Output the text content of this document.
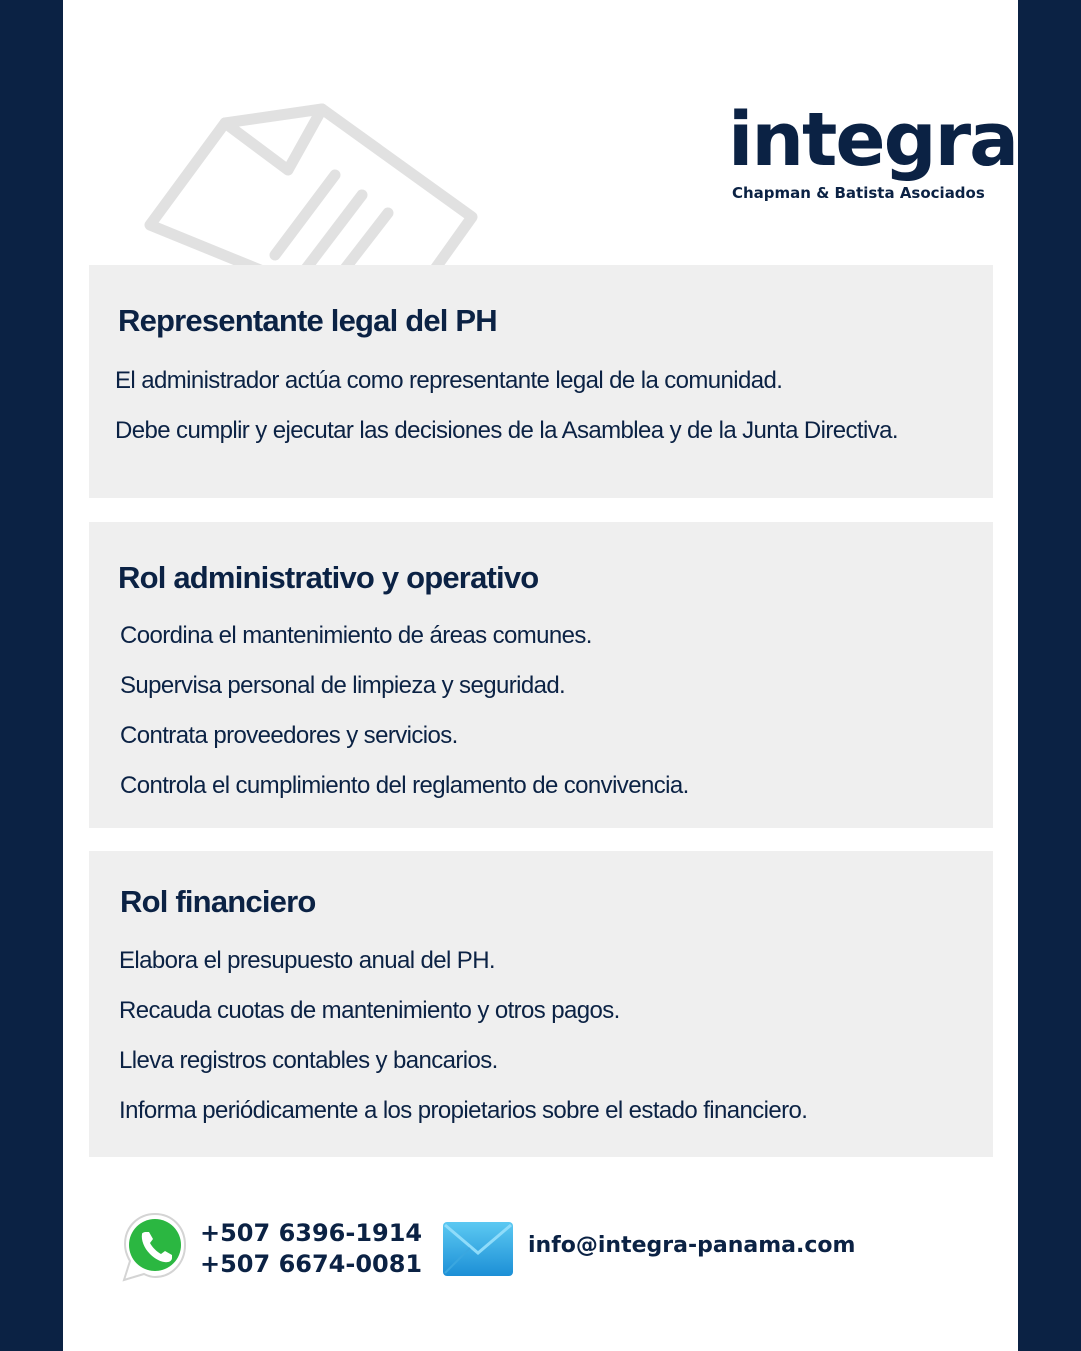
integra
Chapman & Batista Asociados
Representante legal del PH
El administrador actúa como representante legal de la comunidad.
Debe cumplir y ejecutar las decisiones de la Asamblea y de la Junta Directiva.
Rol administrativo y operativo
Coordina el mantenimiento de áreas comunes.
Supervisa personal de limpieza y seguridad.
Contrata proveedores y servicios.
Controla el cumplimiento del reglamento de convivencia.
Rol financiero
Elabora el presupuesto anual del PH.
Recauda cuotas de mantenimiento y otros pagos.
Lleva registros contables y bancarios.
Informa periódicamente a los propietarios sobre el estado financiero.
+507 6396-1914
+507 6674-0081
info@integra-panama.com
